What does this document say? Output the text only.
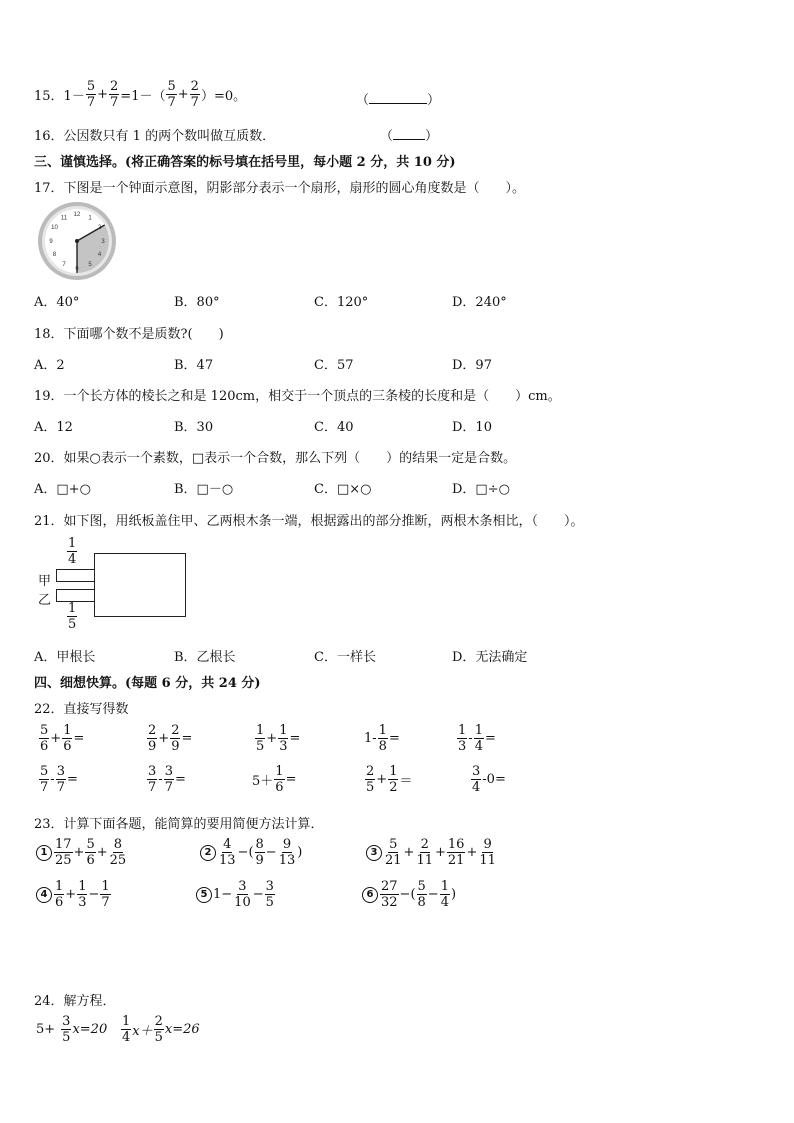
15． $1- \frac{5}{7} + \frac{2}{7} =1-( \frac{5}{7} + \frac{2}{7} )=0$。	（	）
16．公因数只有 1 的两个数叫做互质数．	（ ）
三、谨慎选择。(将正确答案的标号填在括号里，每小题 2 分，共 10 分)
17．下图是一个钟面示意图，阴影部分表示一个扇形，扇形的圆心角度数是（　　）。
12
1
2
3
4
5
6
7
8
9
10
11
A．40°	B．80°	C．120°	D．240°
18．下面哪个数不是质数?(　　)
A．2	B．47	C．57	D．97
19．一个长方体的棱长之和是 120cm，相交于一个顶点的三条棱的长度和是（　　）cm。
A．12	B．30	C．40	D．10
20．如果○表示一个素数，□表示一个合数，那么下列（　　）的结果一定是合数。
A．□+○	B．□－○	C．□×○	D．□÷○
21．如下图，用纸板盖住甲、乙两根木条一端，根据露出的部分推断，两根木条相比，（　　）。
$\frac{1}{4}$
甲
乙
$\frac{1}{5}$
A．甲根长	B．乙根长	C．一样长	D．无法确定
四、细想快算。(每题 6 分，共 24 分)
22．直接写得数
$\frac{5}{6} + \frac{1}{6}$ =	$\frac{2}{9} + \frac{2}{9}$ =	$\frac{1}{5} + \frac{1}{3}$ =	$1- \frac{1}{8}$ =	$\frac{1}{3} - \frac{1}{4}$ =
$\frac{5}{7} - \frac{3}{7}$ =	$\frac{3}{7} - \frac{3}{7}$ =	$5+ \frac{1}{6}$ =	$\frac{2}{5} + \frac{1}{2}$ ＝	$\frac{3}{4} -0=$
23．计算下面各题，能简算的要用简便方法计算．
$1 \frac{17}{25} + \frac{5}{6} + \frac{8}{25}$	$2 \frac{4}{13}$ −( $\frac{8}{9} - \frac{9}{13}$ )	$3 \frac{5}{21} + \frac{2}{11} + \frac{16}{21} + \frac{9}{11}$
$4 \frac{1}{6} + \frac{1}{3} - \frac{1}{7}$	5 $1- \frac{3}{10} - \frac{3}{5}$	$6 \frac{27}{32}$ −( $\frac{5}{8} - \frac{1}{4}$ )
24．解方程．
$5+ \frac{3}{5} x=20 \frac{1}{4} x+ \frac{2}{5} x=26$
